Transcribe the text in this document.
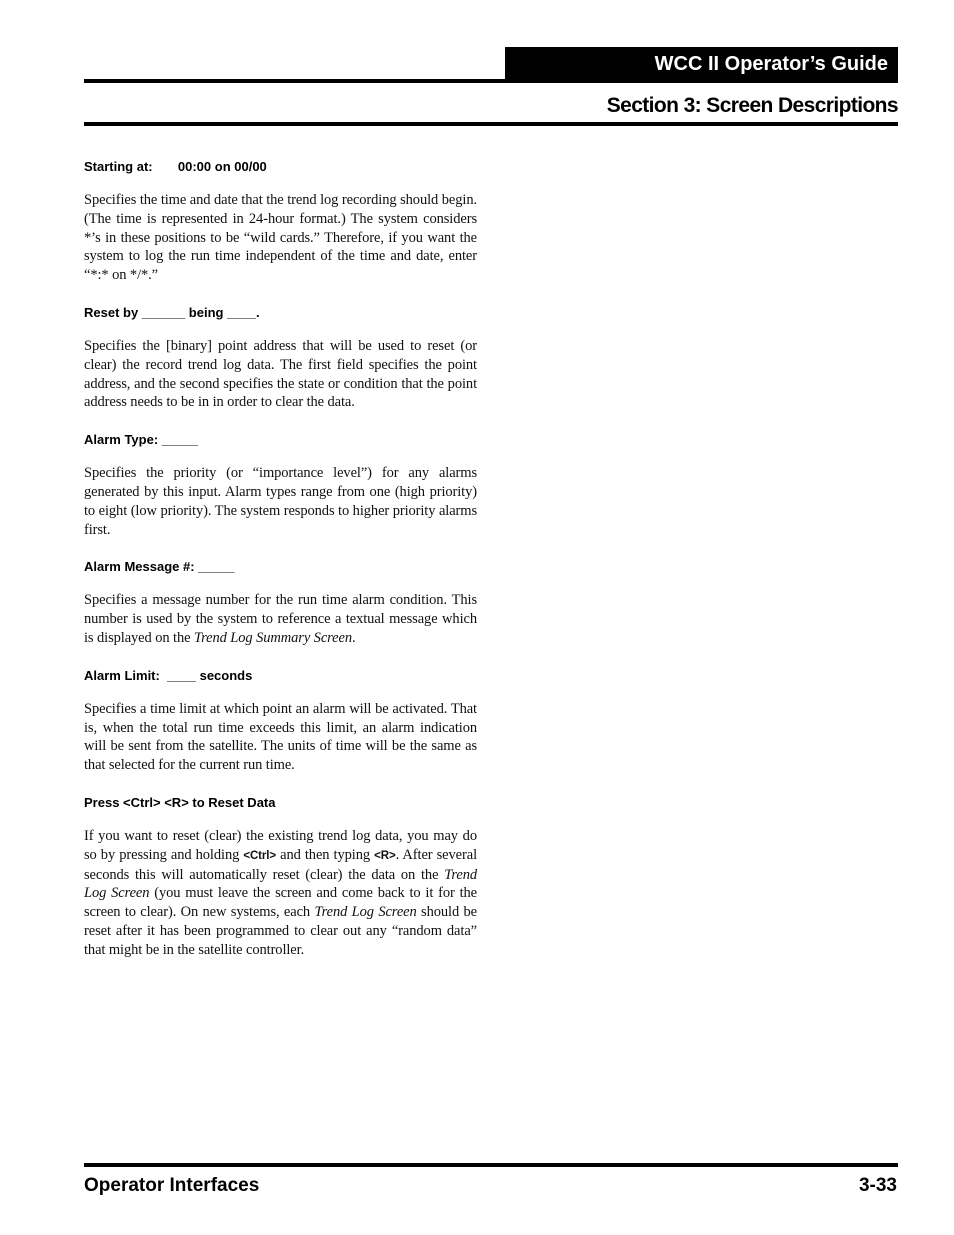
WCC II Operator’s Guide
Section 3: Screen Descriptions
Starting at:       00:00 on 00/00

Specifies the time and date that the trend log recording should begin. (The time is represented in 24-hour format.) The system considers *’s in these positions to be “wild cards.” Therefore, if you want the system to log the run time independent of the time and date, enter “*:* on */*.”

Reset by ______ being ____.

Specifies the [binary] point address that will be used to reset (or clear) the record trend log data. The first field specifies the point address, and the second specifies the state or condition that the point address needs to be in in order to clear the data.

Alarm Type: _____

Specifies the priority (or “importance level”) for any alarms generated by this input. Alarm types range from one (high priority) to eight (low priority). The system responds to higher priority alarms first.

Alarm Message #: _____

Specifies a message number for the run time alarm condition. This number is used by the system to reference a textual message which is displayed on the Trend Log Summary Screen.

Alarm Limit:  ____ seconds

Specifies a time limit at which point an alarm will be activated. That is, when the total run time exceeds this limit, an alarm indication will be sent from the satellite. The units of time will be the same as that selected for the current run time.

Press <Ctrl> <R> to Reset Data

If you want to reset (clear) the existing trend log data, you may do so by pressing and holding <Ctrl> and then typing <R>. After several seconds this will automatically reset (clear) the data on the Trend Log Screen (you must leave the screen and come back to it for the screen to clear). On new systems, each Trend Log Screen should be reset after it has been programmed to clear out any “random data” that might be in the satellite controller.

Operator Interfaces	3-33
